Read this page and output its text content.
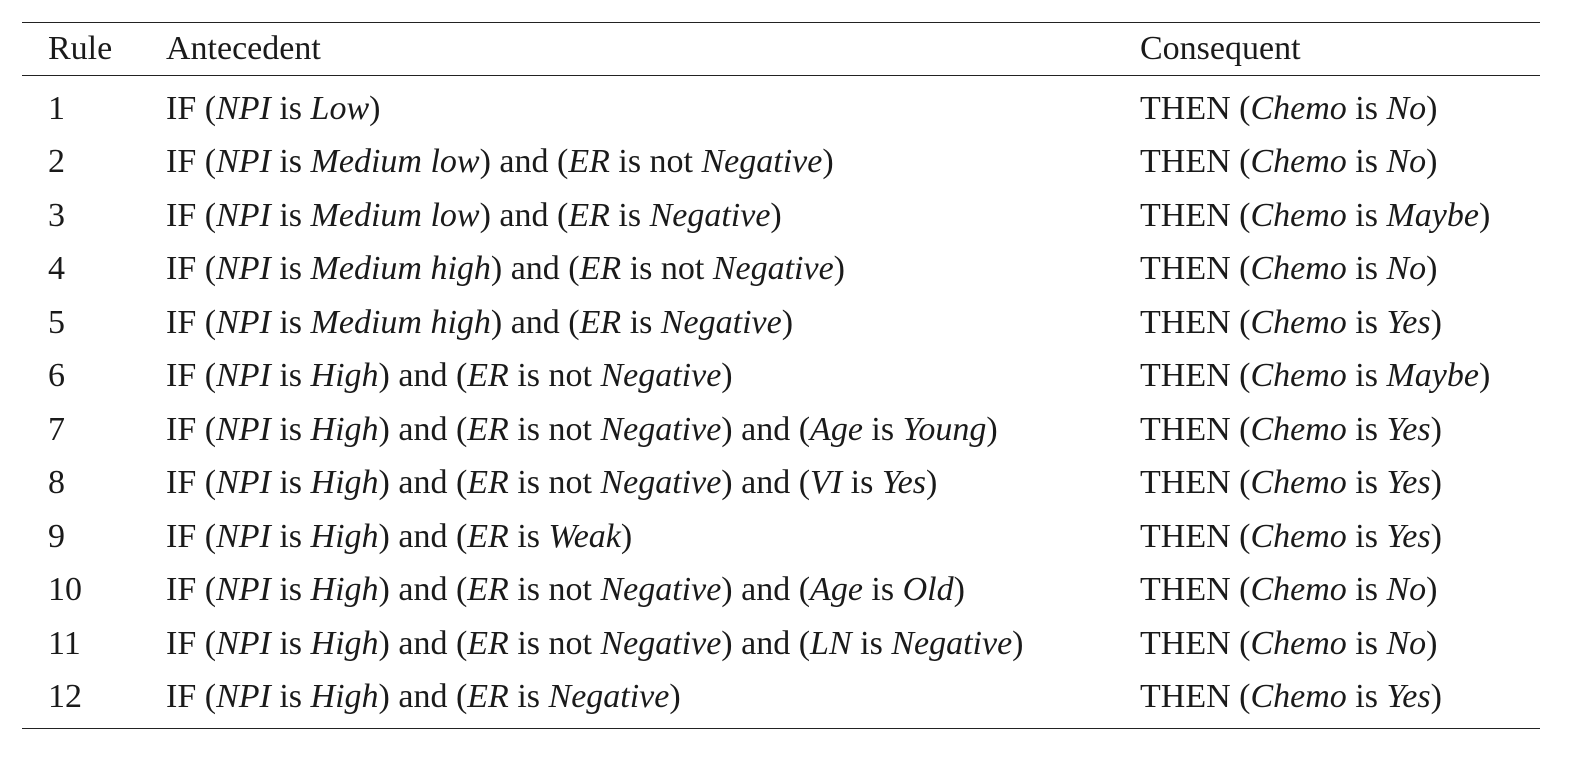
Rule	Antecedent	Consequent
1	IF (NPI is Low)	THEN (Chemo is No)
2	IF (NPI is Medium low) and (ER is not Negative)	THEN (Chemo is No)
3	IF (NPI is Medium low) and (ER is Negative)	THEN (Chemo is Maybe)
4	IF (NPI is Medium high) and (ER is not Negative)	THEN (Chemo is No)
5	IF (NPI is Medium high) and (ER is Negative)	THEN (Chemo is Yes)
6	IF (NPI is High) and (ER is not Negative)	THEN (Chemo is Maybe)
7	IF (NPI is High) and (ER is not Negative) and (Age is Young)	THEN (Chemo is Yes)
8	IF (NPI is High) and (ER is not Negative) and (VI is Yes)	THEN (Chemo is Yes)
9	IF (NPI is High) and (ER is Weak)	THEN (Chemo is Yes)
10	IF (NPI is High) and (ER is not Negative) and (Age is Old)	THEN (Chemo is No)
11	IF (NPI is High) and (ER is not Negative) and (LN is Negative)	THEN (Chemo is No)
12	IF (NPI is High) and (ER is Negative)	THEN (Chemo is Yes)
